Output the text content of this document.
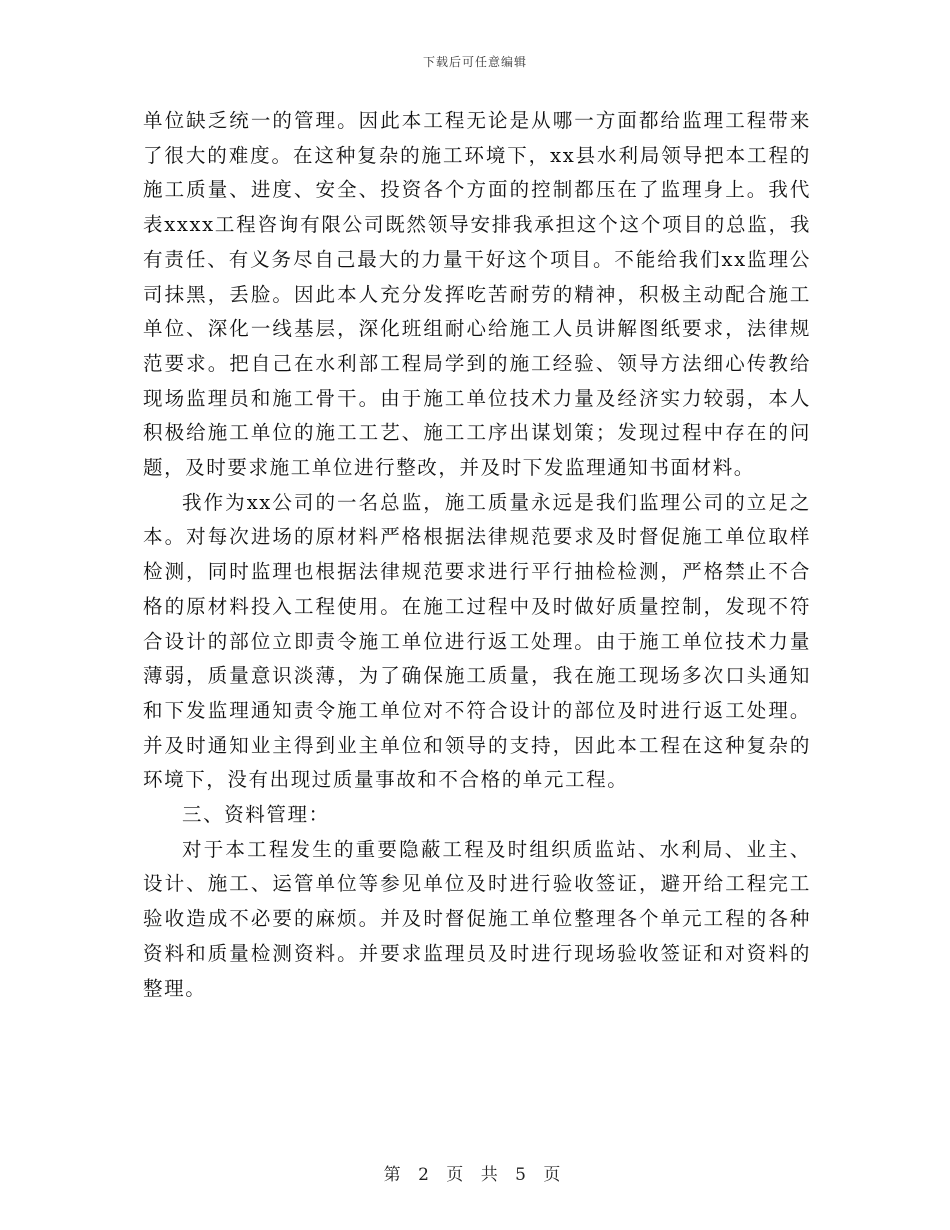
下载后可任意编辑

单位缺乏统一的管理。因此本工程无论是从哪一方面都给监理工程带来了很大的难度。在这种复杂的施工环境下，xx县水利局领导把本工程的施工质量、进度、安全、投资各个方面的控制都压在了监理身上。我代表xxxx工程咨询有限公司既然领导安排我承担这个这个项目的总监，我有责任、有义务尽自己最大的力量干好这个项目。不能给我们xx监理公司抹黑，丢脸。因此本人充分发挥吃苦耐劳的精神，积极主动配合施工单位、深化一线基层，深化班组耐心给施工人员讲解图纸要求，法律规范要求。把自己在水利部工程局学到的施工经验、领导方法细心传教给现场监理员和施工骨干。由于施工单位技术力量及经济实力较弱，本人积极给施工单位的施工工艺、施工工序出谋划策；发现过程中存在的问题，及时要求施工单位进行整改，并及时下发监理通知书面材料。

我作为xx公司的一名总监，施工质量永远是我们监理公司的立足之本。对每次进场的原材料严格根据法律规范要求及时督促施工单位取样检测，同时监理也根据法律规范要求进行平行抽检检测，严格禁止不合格的原材料投入工程使用。在施工过程中及时做好质量控制，发现不符合设计的部位立即责令施工单位进行返工处理。由于施工单位技术力量薄弱，质量意识淡薄，为了确保施工质量，我在施工现场多次口头通知和下发监理通知责令施工单位对不符合设计的部位及时进行返工处理。并及时通知业主得到业主单位和领导的支持，因此本工程在这种复杂的环境下，没有出现过质量事故和不合格的单元工程。

三、资料管理：

对于本工程发生的重要隐蔽工程及时组织质监站、水利局、业主、设计、施工、运管单位等参见单位及时进行验收签证，避开给工程完工验收造成不必要的麻烦。并及时督促施工单位整理各个单元工程的各种资料和质量检测资料。并要求监理员及时进行现场验收签证和对资料的整理。

第 2 页 共 5 页
